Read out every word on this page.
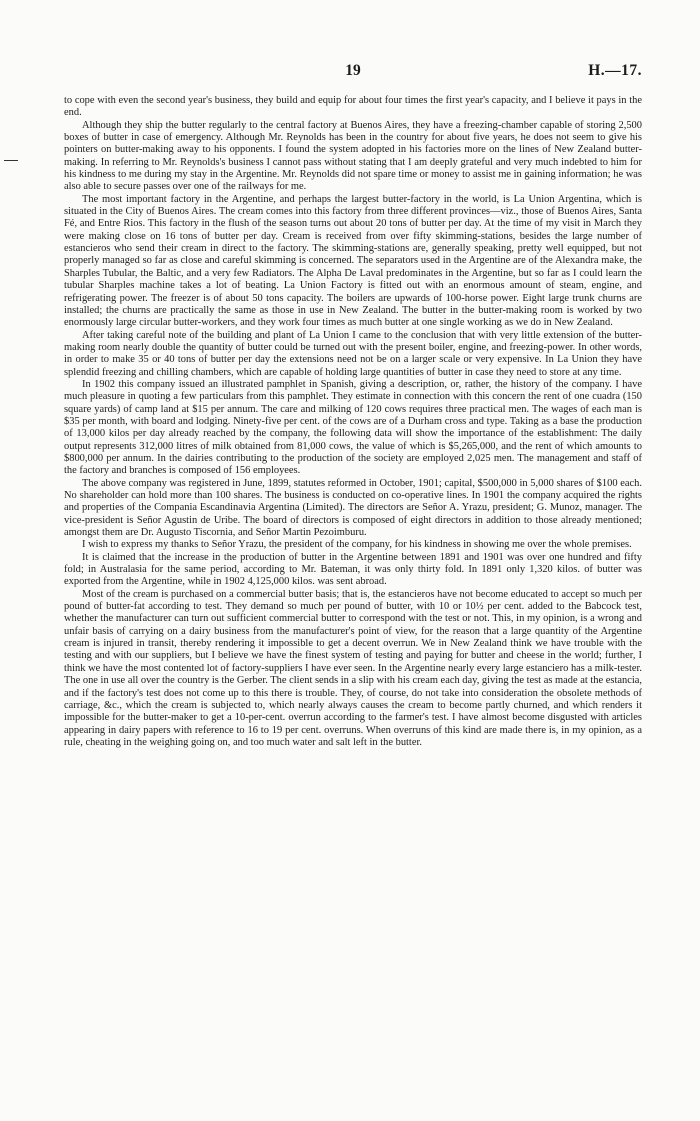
19	H.—17.

to cope with even the second year's business, they build and equip for about four times the first year's capacity, and I believe it pays in the end.

Although they ship the butter regularly to the central factory at Buenos Aires, they have a freezing-chamber capable of storing 2,500 boxes of butter in case of emergency. Although Mr. Reynolds has been in the country for about five years, he does not seem to give his pointers on butter-making away to his opponents. I found the system adopted in his factories more on the lines of New Zealand butter-making. In referring to Mr. Reynolds's business I cannot pass without stating that I am deeply grateful and very much indebted to him for his kindness to me during my stay in the Argentine. Mr. Reynolds did not spare time or money to assist me in gaining information; he was also able to secure passes over one of the railways for me.

The most important factory in the Argentine, and perhaps the largest butter-factory in the world, is La Union Argentina, which is situated in the City of Buenos Aires. The cream comes into this factory from three different provinces—viz., those of Buenos Aires, Santa Fé, and Entre Rios. This factory in the flush of the season turns out about 20 tons of butter per day. At the time of my visit in March they were making close on 16 tons of butter per day. Cream is received from over fifty skimming-stations, besides the large number of estancieros who send their cream in direct to the factory. The skimming-stations are, generally speaking, pretty well equipped, but not properly managed so far as close and careful skimming is concerned. The separators used in the Argentine are of the Alexandra make, the Sharples Tubular, the Baltic, and a very few Radiators. The Alpha De Laval predominates in the Argentine, but so far as I could learn the tubular Sharples machine takes a lot of beating. La Union Factory is fitted out with an enormous amount of steam, engine, and refrigerating power. The freezer is of about 50 tons capacity. The boilers are upwards of 100-horse power. Eight large trunk churns are installed; the churns are practically the same as those in use in New Zealand. The butter in the butter-making room is worked by two enormously large circular butter-workers, and they work four times as much butter at one single working as we do in New Zealand.

After taking careful note of the building and plant of La Union I came to the conclusion that with very little extension of the butter-making room nearly double the quantity of butter could be turned out with the present boiler, engine, and freezing-power. In other words, in order to make 35 or 40 tons of butter per day the extensions need not be on a larger scale or very expensive. In La Union they have splendid freezing and chilling chambers, which are capable of holding large quantities of butter in case they need to store at any time.

In 1902 this company issued an illustrated pamphlet in Spanish, giving a description, or, rather, the history of the company. I have much pleasure in quoting a few particulars from this pamphlet. They estimate in connection with this concern the rent of one cuadra (150 square yards) of camp land at $15 per annum. The care and milking of 120 cows requires three practical men. The wages of each man is $35 per month, with board and lodging. Ninety-five per cent. of the cows are of a Durham cross and type. Taking as a base the production of 13,000 kilos per day already reached by the company, the following data will show the importance of the establishment: The daily output represents 312,000 litres of milk obtained from 81,000 cows, the value of which is $5,265,000, and the rent of which amounts to $800,000 per annum. In the dairies contributing to the production of the society are employed 2,025 men. The management and staff of the factory and branches is composed of 156 employees.

The above company was registered in June, 1899, statutes reformed in October, 1901; capital, $500,000 in 5,000 shares of $100 each. No shareholder can hold more than 100 shares. The business is conducted on co-operative lines. In 1901 the company acquired the rights and properties of the Compania Escandinavia Argentina (Limited). The directors are Señor A. Yrazu, president; G. Munoz, manager. The vice-president is Señor Agustin de Uribe. The board of directors is composed of eight directors in addition to those already mentioned; amongst them are Dr. Augusto Tiscornia, and Señor Martin Pezoimburu.

I wish to express my thanks to Señor Yrazu, the president of the company, for his kindness in showing me over the whole premises.

It is claimed that the increase in the production of butter in the Argentine between 1891 and 1901 was over one hundred and fifty fold; in Australasia for the same period, according to Mr. Bateman, it was only thirty fold. In 1891 only 1,320 kilos. of butter was exported from the Argentine, while in 1902 4,125,000 kilos. was sent abroad.

Most of the cream is purchased on a commercial butter basis; that is, the estancieros have not become educated to accept so much per pound of butter-fat according to test. They demand so much per pound of butter, with 10 or 10½ per cent. added to the Babcock test, whether the manufacturer can turn out sufficient commercial butter to correspond with the test or not. This, in my opinion, is a wrong and unfair basis of carrying on a dairy business from the manufacturer's point of view, for the reason that a large quantity of the Argentine cream is injured in transit, thereby rendering it impossible to get a decent overrun. We in New Zealand think we have trouble with the testing and with our suppliers, but I believe we have the finest system of testing and paying for butter and cheese in the world; further, I think we have the most contented lot of factory-suppliers I have ever seen. In the Argentine nearly every large estanciero has a milk-tester. The one in use all over the country is the Gerber. The client sends in a slip with his cream each day, giving the test as made at the estancia, and if the factory's test does not come up to this there is trouble. They, of course, do not take into consideration the obsolete methods of carriage, &c., which the cream is subjected to, which nearly always causes the cream to become partly churned, and which renders it impossible for the butter-maker to get a 10-per-cent. overrun according to the farmer's test. I have almost become disgusted with articles appearing in dairy papers with reference to 16 to 19 per cent. overruns. When overruns of this kind are made there is, in my opinion, as a rule, cheating in the weighing going on, and too much water and salt left in the butter.
